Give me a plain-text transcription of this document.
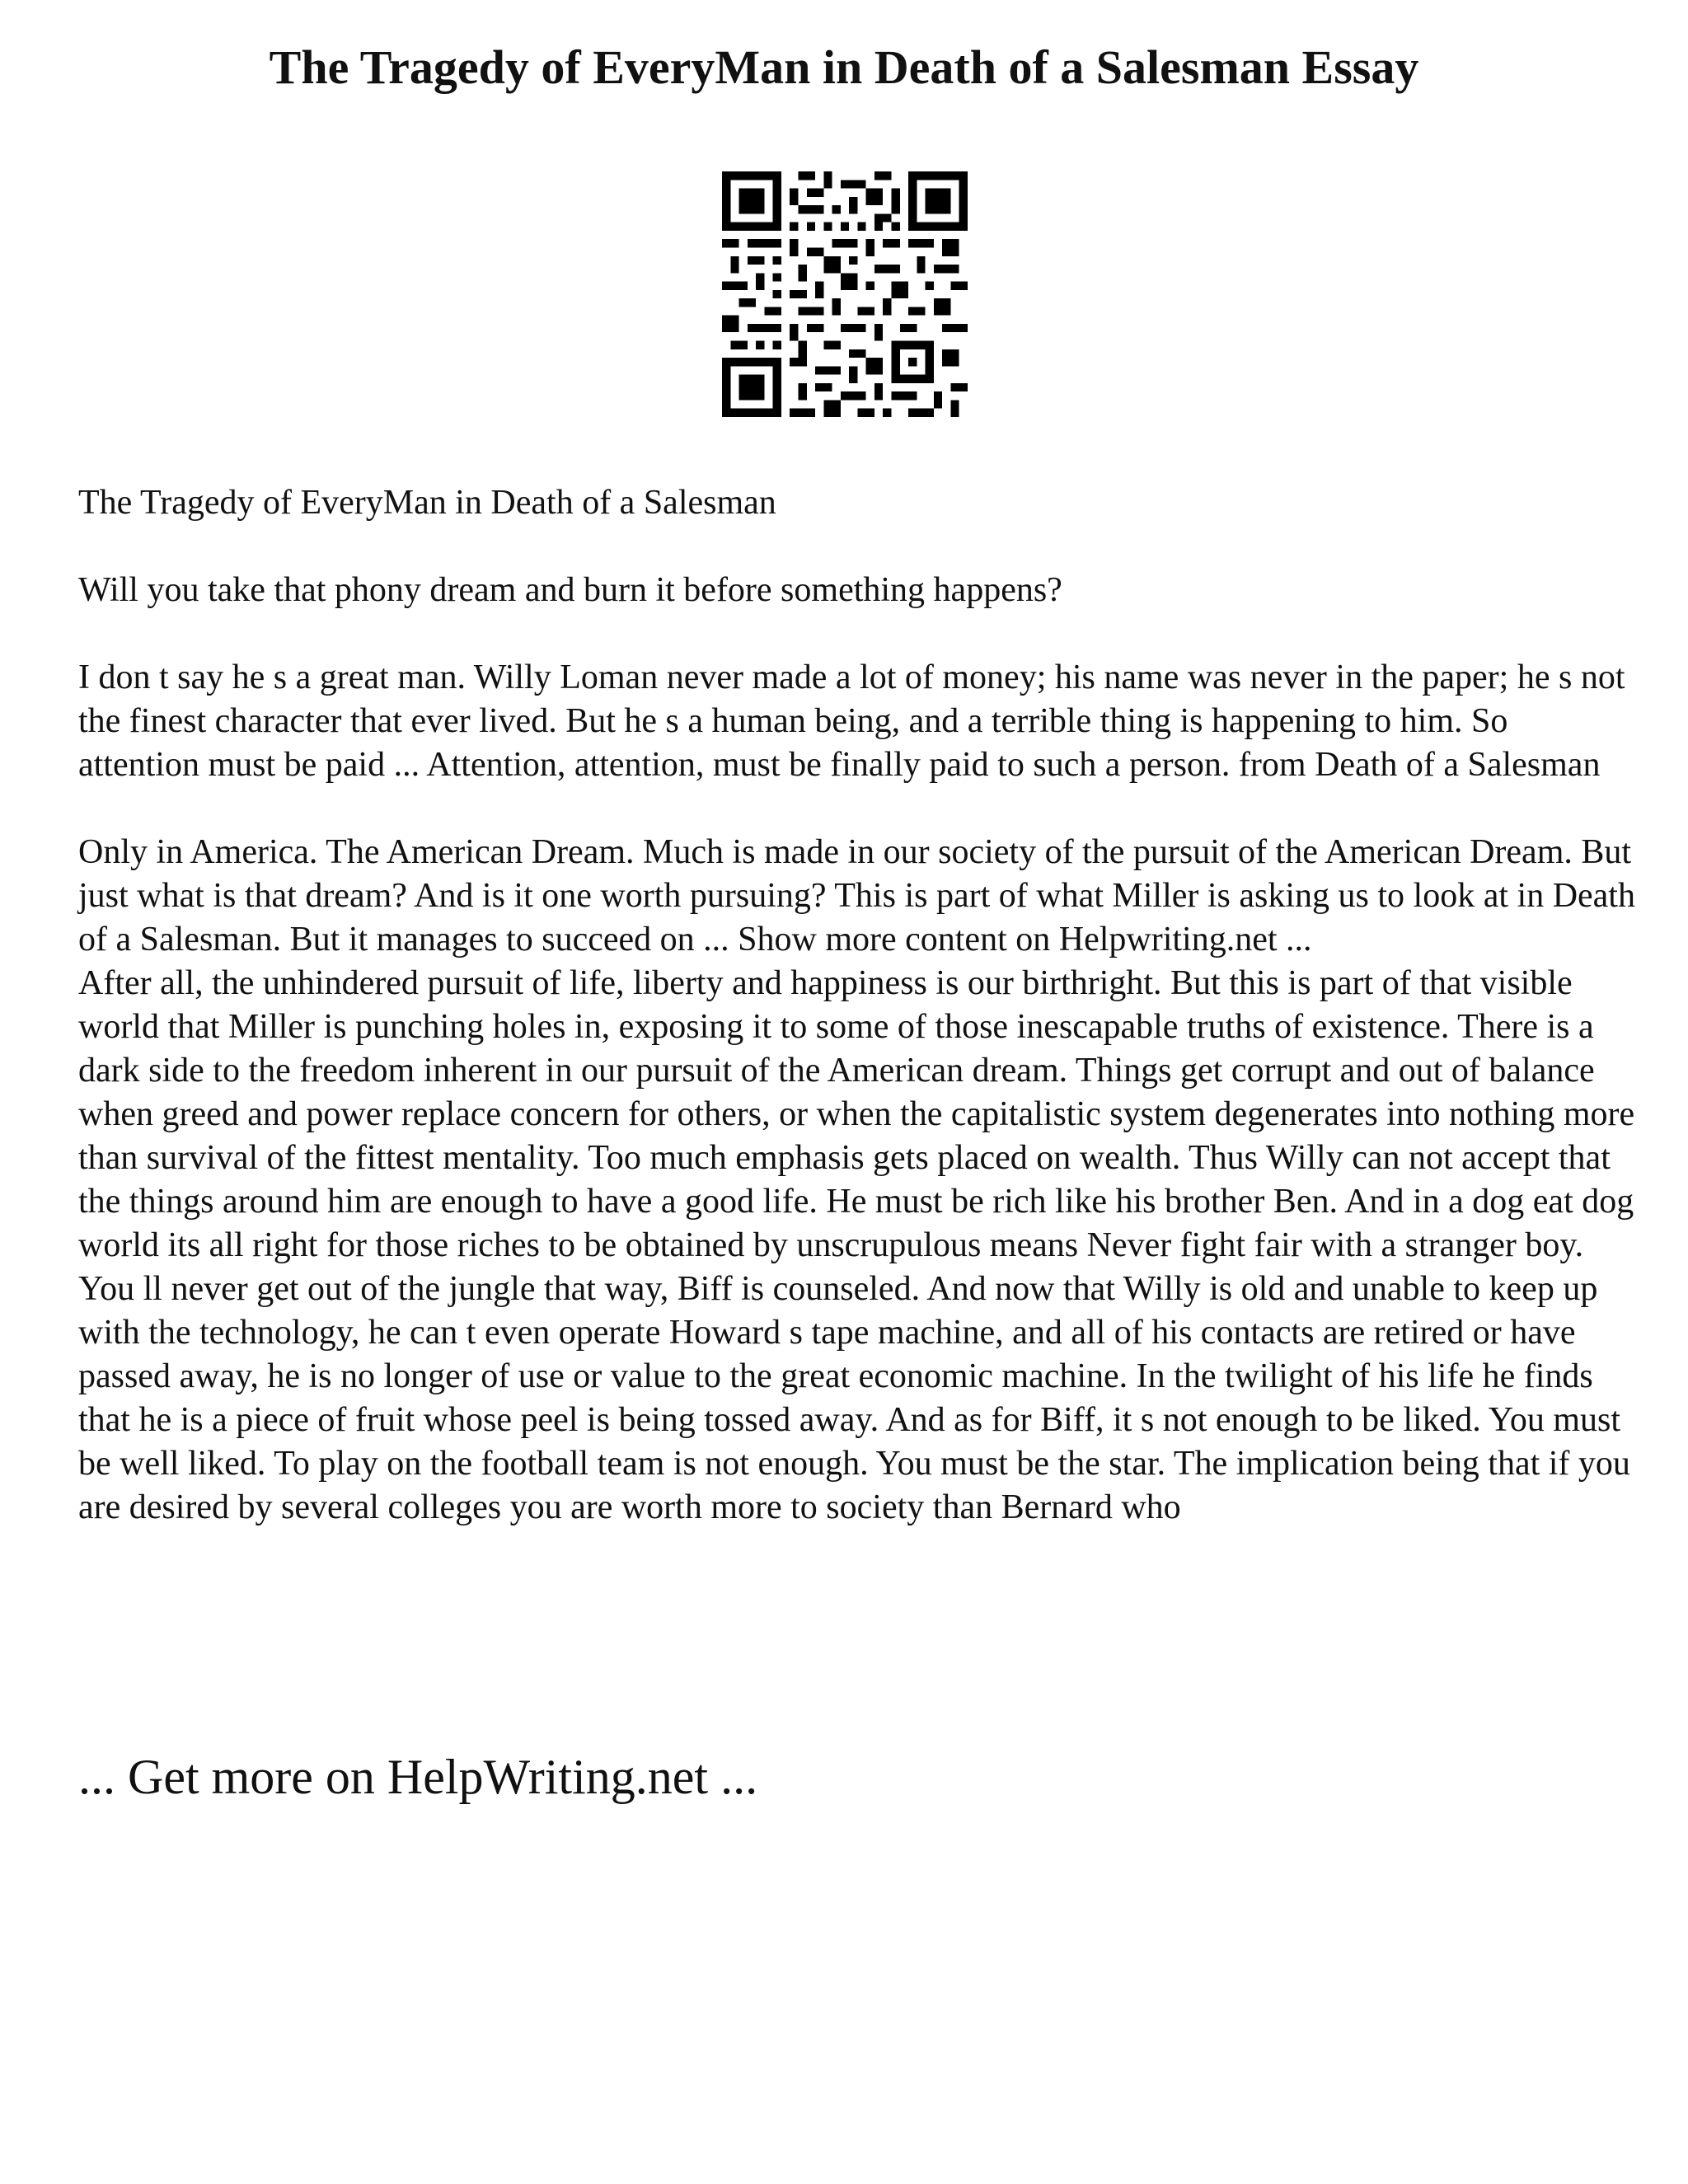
The Tragedy of EveryMan in Death of a Salesman Essay

The Tragedy of EveryMan in Death of a Salesman

Will you take that phony dream and burn it before something happens?

I don t say he s a great man. Willy Loman never made a lot of money; his name was never in the paper; he s not the finest character that ever lived. But he s a human being, and a terrible thing is happening to him. So attention must be paid ... Attention, attention, must be finally paid to such a person. from Death of a Salesman

Only in America. The American Dream. Much is made in our society of the pursuit of the American Dream. But just what is that dream? And is it one worth pursuing? This is part of what Miller is asking us to look at in Death of a Salesman. But it manages to succeed on ... Show more content on Helpwriting.net ...

After all, the unhindered pursuit of life, liberty and happiness is our birthright. But this is part of that visible world that Miller is punching holes in, exposing it to some of those inescapable truths of existence. There is a dark side to the freedom inherent in our pursuit of the American dream. Things get corrupt and out of balance when greed and power replace concern for others, or when the capitalistic system degenerates into nothing more than survival of the fittest mentality. Too much emphasis gets placed on wealth. Thus Willy can not accept that the things around him are enough to have a good life. He must be rich like his brother Ben. And in a dog eat dog world its all right for those riches to be obtained by unscrupulous means Never fight fair with a stranger boy. You ll never get out of the jungle that way, Biff is counseled. And now that Willy is old and unable to keep up with the technology, he can t even operate Howard s tape machine, and all of his contacts are retired or have passed away, he is no longer of use or value to the great economic machine. In the twilight of his life he finds that he is a piece of fruit whose peel is being tossed away. And as for Biff, it s not enough to be liked. You must be well liked. To play on the football team is not enough. You must be the star. The implication being that if you are desired by several colleges you are worth more to society than Bernard who

... Get more on HelpWriting.net ...
